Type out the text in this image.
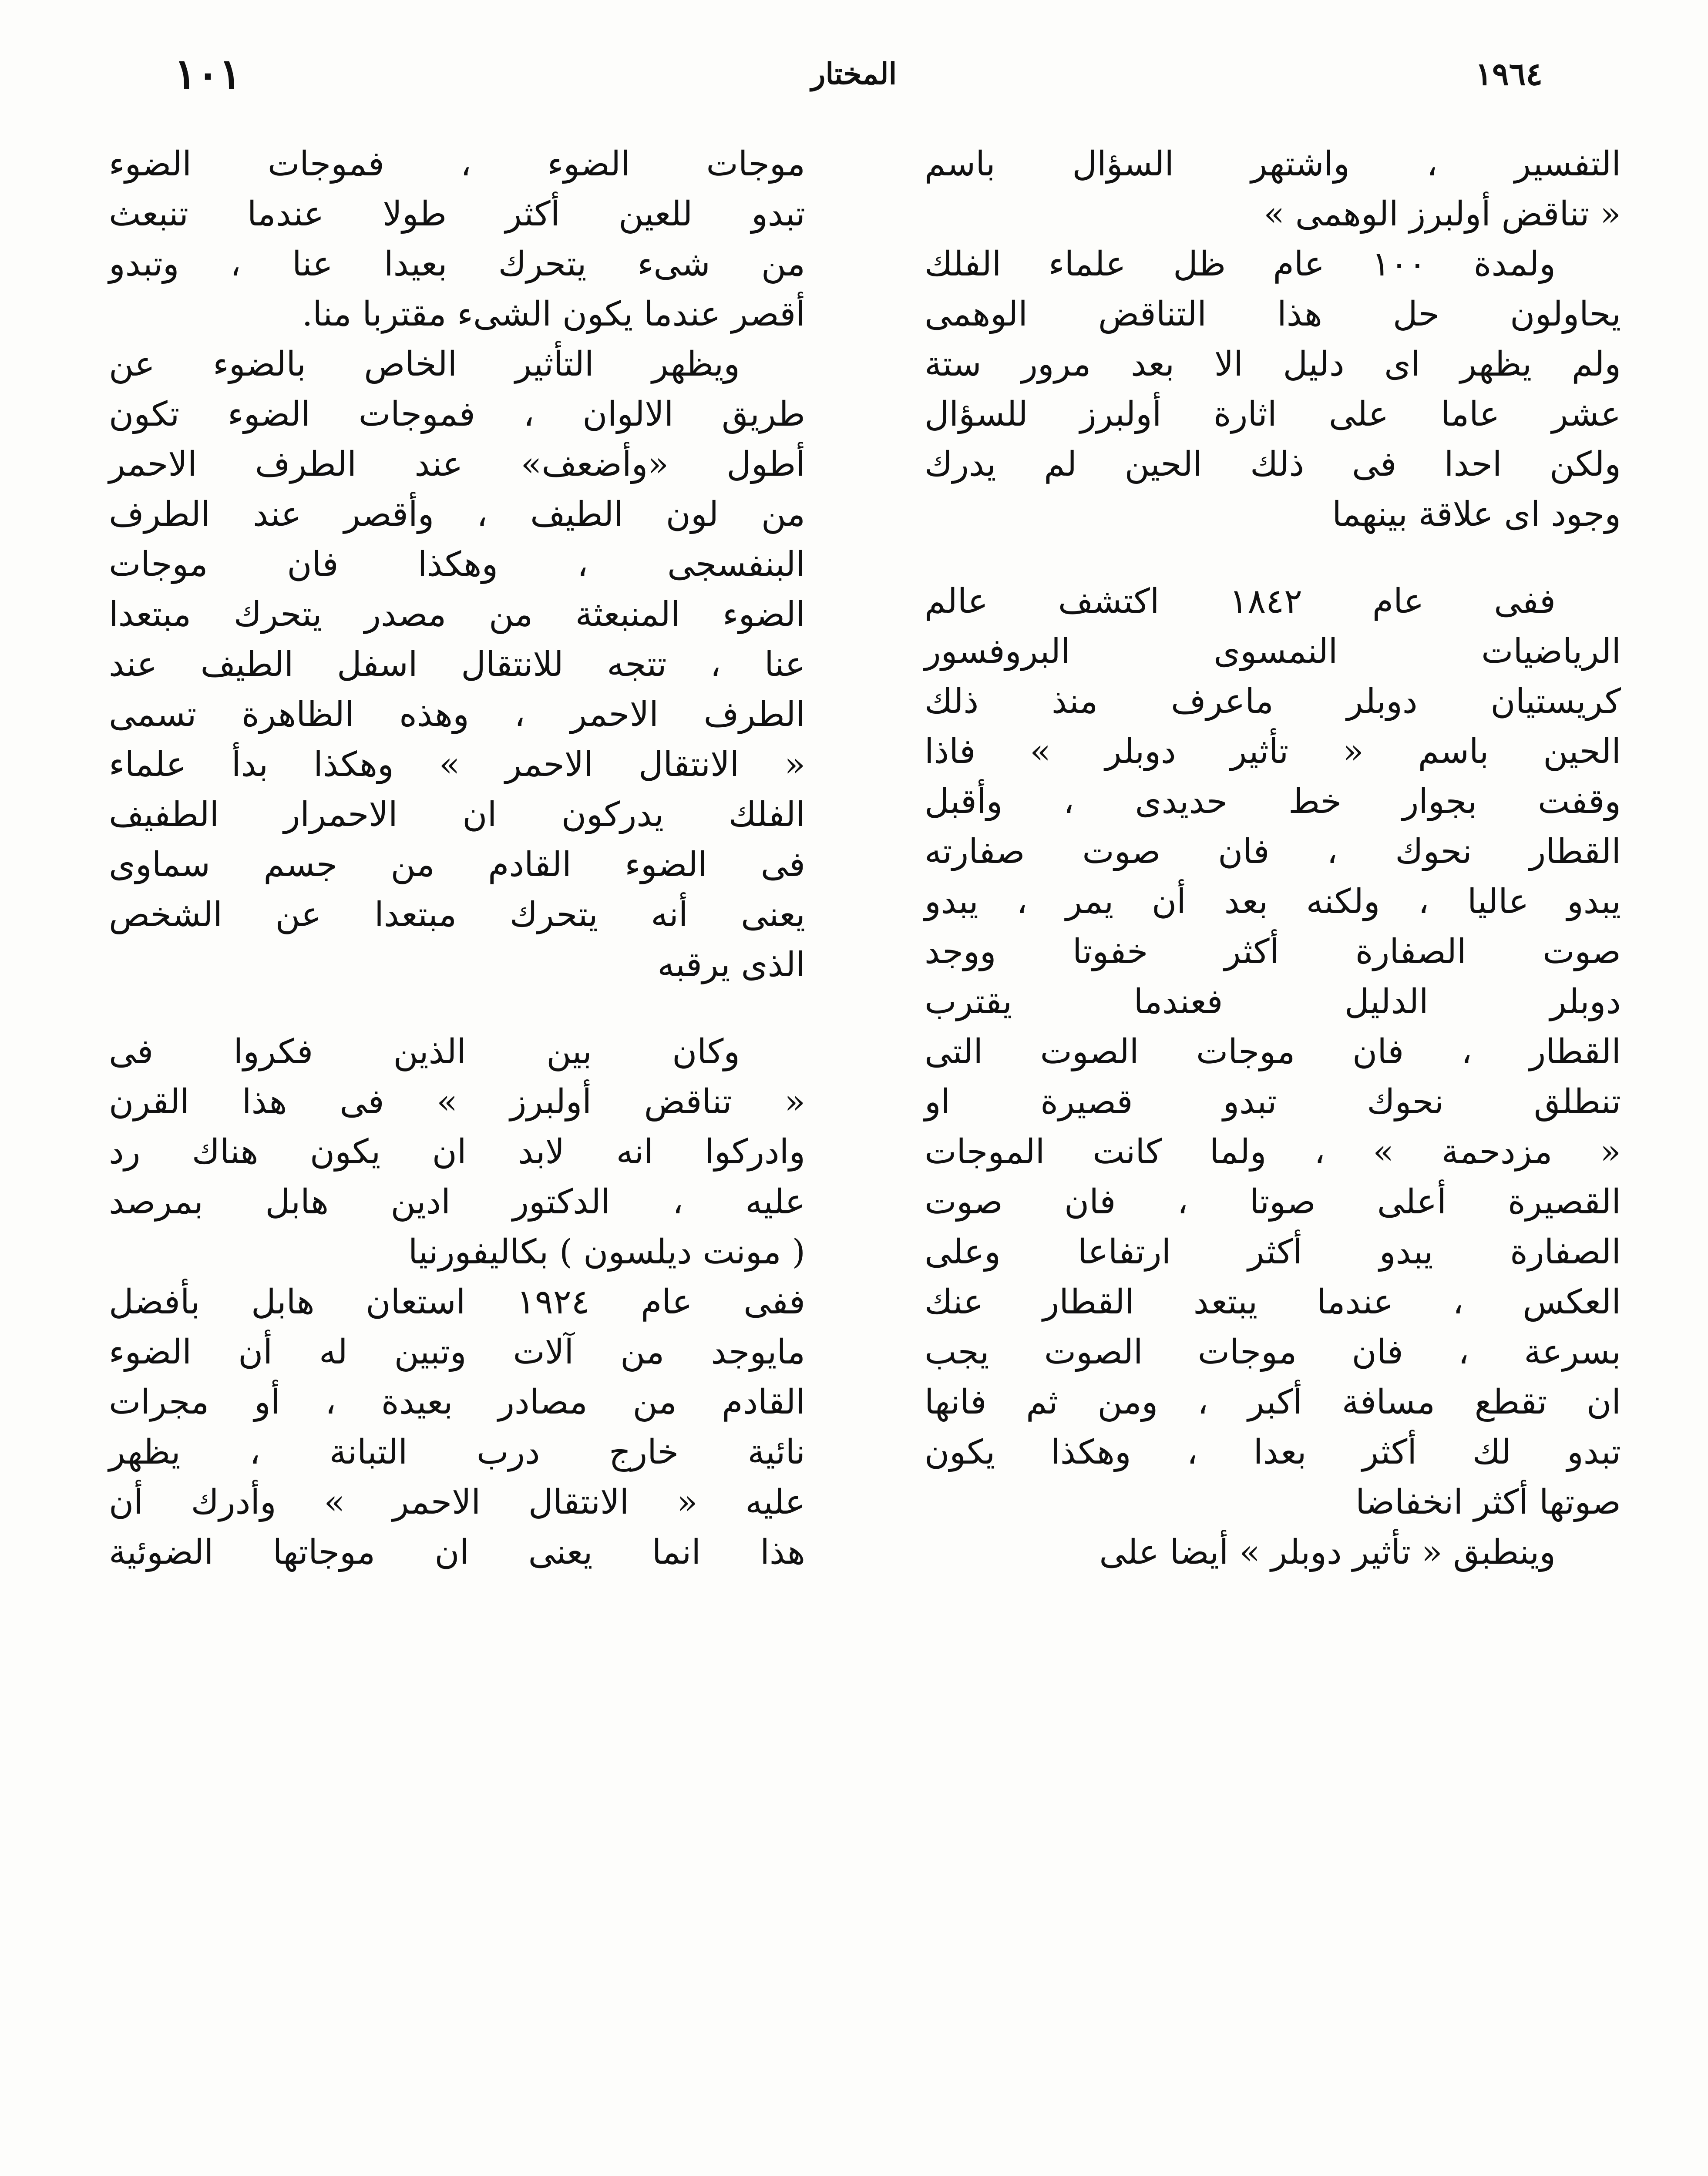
١٠١	المختار	١٩٦٤
التفسير ، واشتهر السؤال باسم
« تناقض أولبرز الوهمى »
ولمدة ١٠٠ عام ظل علماء الفلك
يحاولون حل هذا التناقض الوهمى
ولم يظهر اى دليل الا بعد مرور ستة
عشر عاما على اثارة أولبرز للسؤال
ولكن احدا فى ذلك الحين لم يدرك
وجود اى علاقة بينهما
ففى عام ١٨٤٢ اكتشف عالم
الرياضيات النمسوى البروفسور
كريستيان دوبلر ماعرف منذ ذلك
الحين باسم « تأثير دوبلر » فاذا
وقفت بجوار خط حديدى ، وأقبل
القطار نحوك ، فان صوت صفارته
يبدو عاليا ، ولكنه بعد أن يمر ، يبدو
صوت الصفارة أكثر خفوتا ووجد
دوبلر الدليل فعندما يقترب
القطار ، فان موجات الصوت التى
تنطلق نحوك تبدو قصيرة او
« مزدحمة » ، ولما كانت الموجات
القصيرة أعلى صوتا ، فان صوت
الصفارة يبدو أكثر ارتفاعا وعلى
العكس ، عندما يبتعد القطار عنك
بسرعة ، فان موجات الصوت يجب
ان تقطع مسافة أكبر ، ومن ثم فانها
تبدو لك أكثر بعدا ، وهكذا يكون
صوتها أكثر انخفاضا
وينطبق « تأثير دوبلر » أيضا على
موجات الضوء ، فموجات الضوء
تبدو للعين أكثر طولا عندما تنبعث
من شىء يتحرك بعيدا عنا ، وتبدو
أقصر عندما يكون الشىء مقتربا منا.
ويظهر التأثير الخاص بالضوء عن
طريق الالوان ، فموجات الضوء تكون
أطول «وأضعف» عند الطرف الاحمر
من لون الطيف ، وأقصر عند الطرف
البنفسجى ، وهكذا فان موجات
الضوء المنبعثة من مصدر يتحرك مبتعدا
عنا ، تتجه للانتقال اسفل الطيف عند
الطرف الاحمر ، وهذه الظاهرة تسمى
« الانتقال الاحمر » وهكذا بدأ علماء
الفلك يدركون ان الاحمرار الطفيف
فى الضوء القادم من جسم سماوى
يعنى أنه يتحرك مبتعدا عن الشخص
الذى يرقبه
وكان بين الذين فكروا فى
« تناقض أولبرز » فى هذا القرن
وادركوا انه لابد ان يكون هناك رد
عليه ، الدكتور ادين هابل بمرصد
( مونت ديلسون ) بكاليفورنيا
ففى عام ١٩٢٤ استعان هابل بأفضل
مايوجد من آلات وتبين له أن الضوء
القادم من مصادر بعيدة ، أو مجرات
نائية خارج درب التبانة ، يظهر
عليه « الانتقال الاحمر » وأدرك أن
هذا انما يعنى ان موجاتها الضوئية
